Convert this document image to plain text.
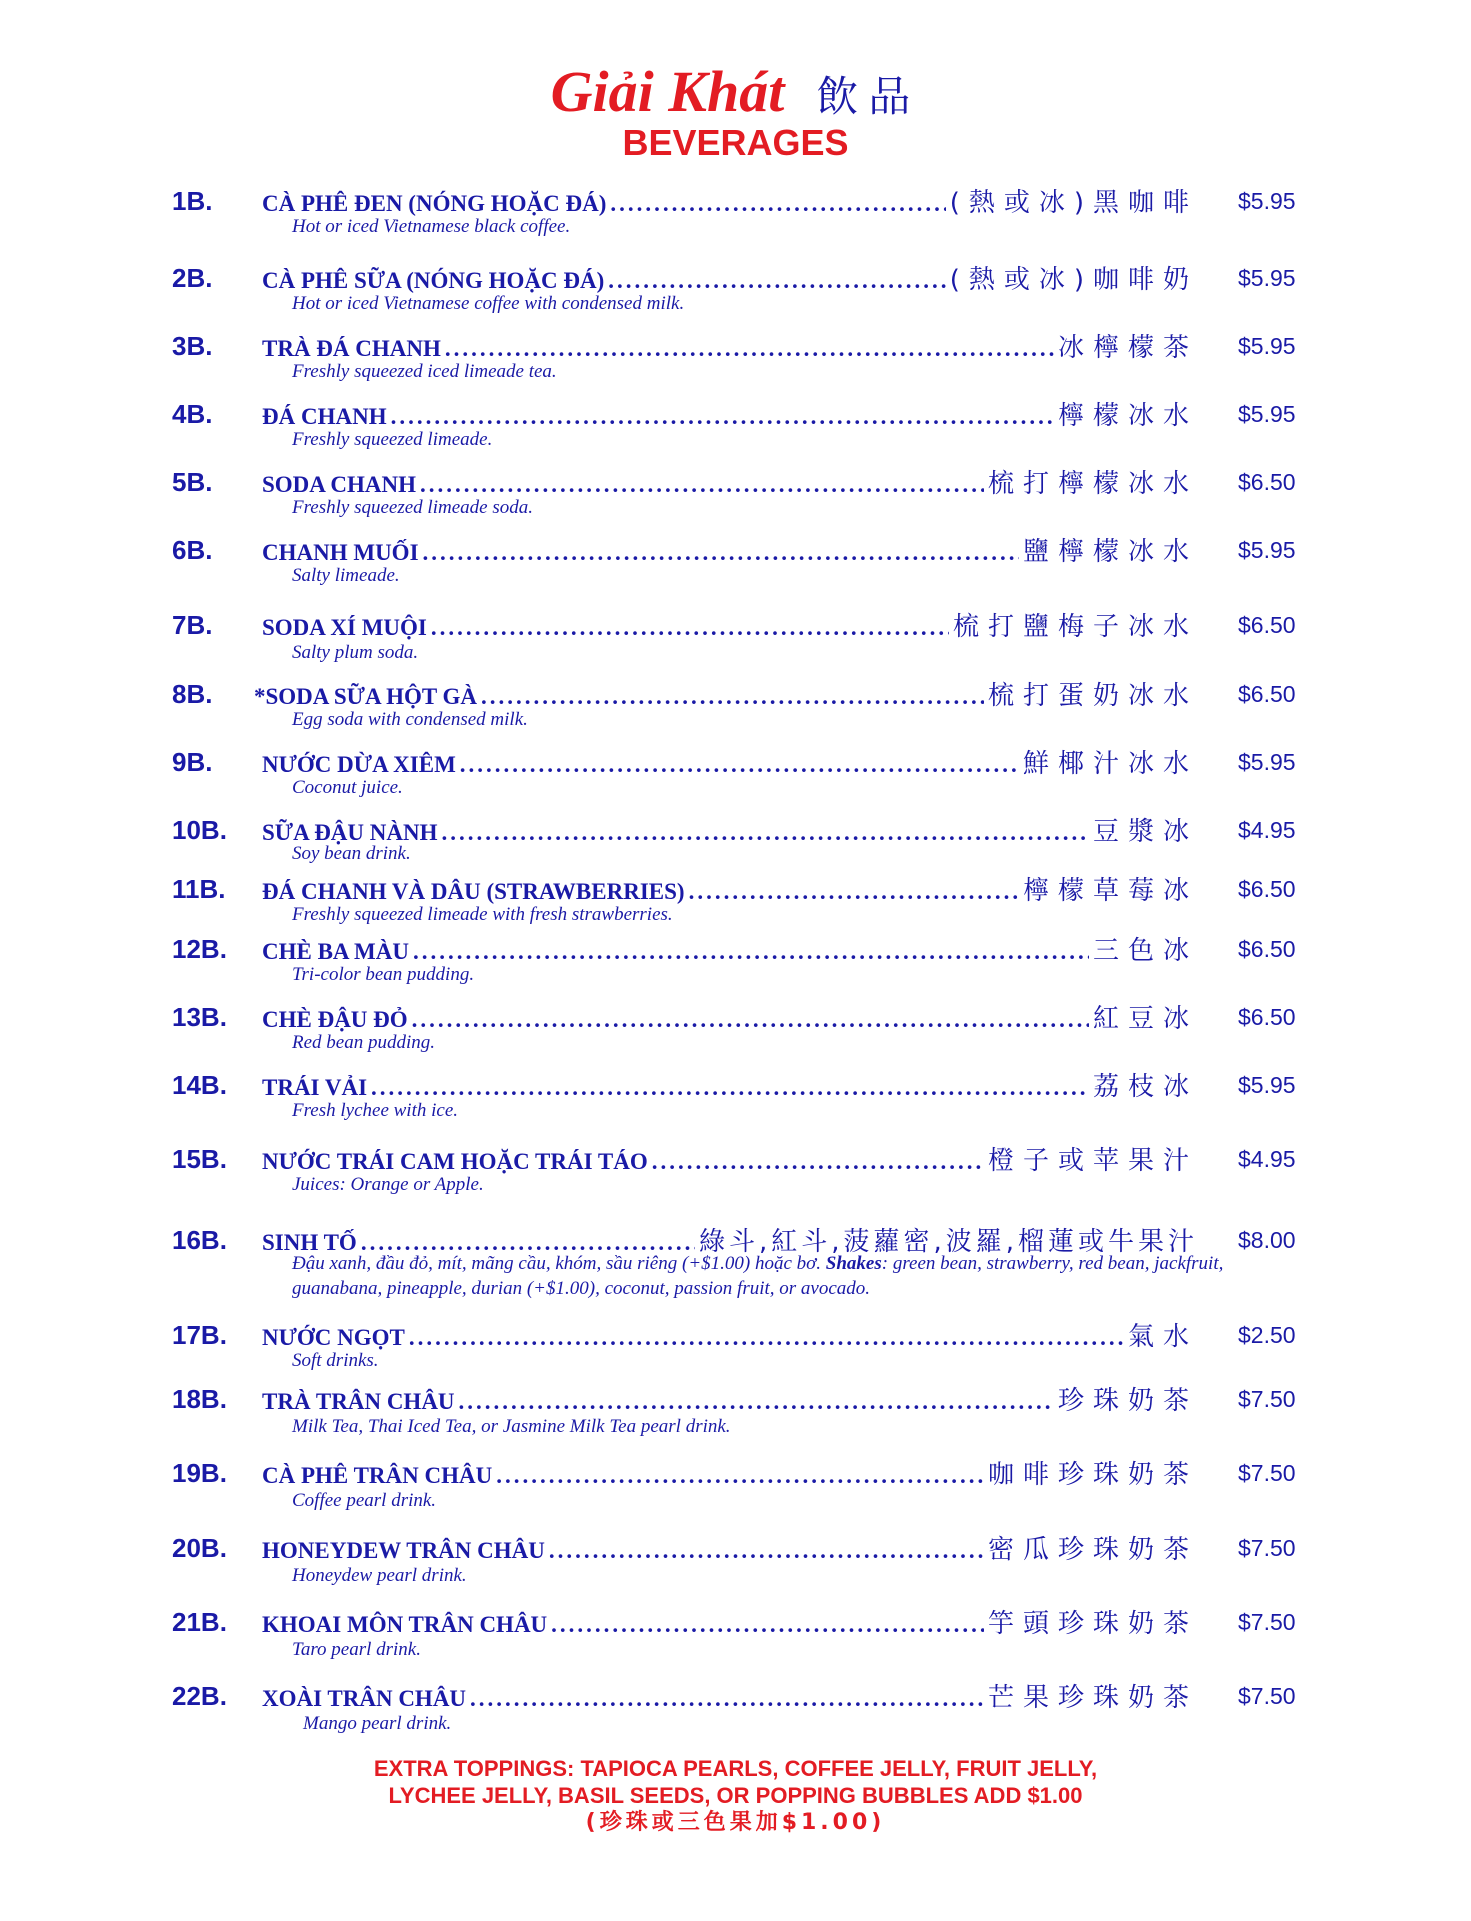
Giải Khát 飲品
BEVERAGES
1B. CÀ PHÊ ĐEN (NÓNG HOẶC ĐÁ) .....	(熱或冰)黑咖啡 $5.95
Hot or iced Vietnamese black coffee.
2B. CÀ PHÊ SỮA (NÓNG HOẶC ĐÁ) .....	(熱或冰)咖啡奶 $5.95
Hot or iced Vietnamese coffee with condensed milk.
3B. TRÀ ĐÁ CHANH .....	冰檸檬茶 $5.95
Freshly squeezed iced limeade tea.
4B. ĐÁ CHANH .....	檸檬冰水 $5.95
Freshly squeezed limeade.
5B. SODA CHANH .....	梳打檸檬冰水 $6.50
Freshly squeezed limeade soda.
6B. CHANH MUỐI .....	鹽檸檬冰水 $5.95
Salty limeade.
7B. SODA XÍ MUỘI .....	梳打鹽梅子冰水 $6.50
Salty plum soda.
8B. *SODA SỮA HỘT GÀ .....	梳打蛋奶冰水 $6.50
Egg soda with condensed milk.
9B. NƯỚC DỪA XIÊM .....	鮮椰汁冰水 $5.95
Coconut juice.
10B. SỮA ĐẬU NÀNH .....	豆漿冰 $4.95
Soy bean drink.
11B. ĐÁ CHANH VÀ DÂU (STRAWBERRIES) .....	檸檬草莓冰 $6.50
Freshly squeezed limeade with fresh strawberries.
12B. CHÈ BA MÀU .....	三色冰 $6.50
Tri-color bean pudding.
13B. CHÈ ĐẬU ĐỎ .....	紅豆冰 $6.50
Red bean pudding.
14B. TRÁI VẢI .....	荔枝冰 $5.95
Fresh lychee with ice.
15B. NƯỚC TRÁI CAM HOẶC TRÁI TÁO .....	橙子或苹果汁 $4.95
Juices: Orange or Apple.
16B. SINH TỐ .....	綠斗,紅斗,菠蘿密,波羅,榴蓮或牛果汁 $8.00
Đậu xanh, đầu đỏ, mít, mãng cầu, khóm, sầu riêng (+$1.00) hoặc bơ. Shakes: green bean, strawberry, red bean, jackfruit, guanabana, pineapple, durian (+$1.00), coconut, passion fruit, or avocado.
17B. NƯỚC NGỌT .....	氣水 $2.50
Soft drinks.
18B. TRÀ TRÂN CHÂU .....	珍珠奶茶 $7.50
Milk Tea, Thai Iced Tea, or Jasmine Milk Tea pearl drink.
19B. CÀ PHÊ TRÂN CHÂU .....	咖啡珍珠奶茶 $7.50
Coffee pearl drink.
20B. HONEYDEW TRÂN CHÂU .....	密瓜珍珠奶茶 $7.50
Honeydew pearl drink.
21B. KHOAI MÔN TRÂN CHÂU .....	竽頭珍珠奶茶 $7.50
Taro pearl drink.
22B. XOÀI TRÂN CHÂU .....	芒果珍珠奶茶 $7.50
Mango pearl drink.
EXTRA TOPPINGS: TAPIOCA PEARLS, COFFEE JELLY, FRUIT JELLY,
LYCHEE JELLY, BASIL SEEDS, OR POPPING BUBBLES ADD $1.00
(珍珠或三色果加$1.00)
